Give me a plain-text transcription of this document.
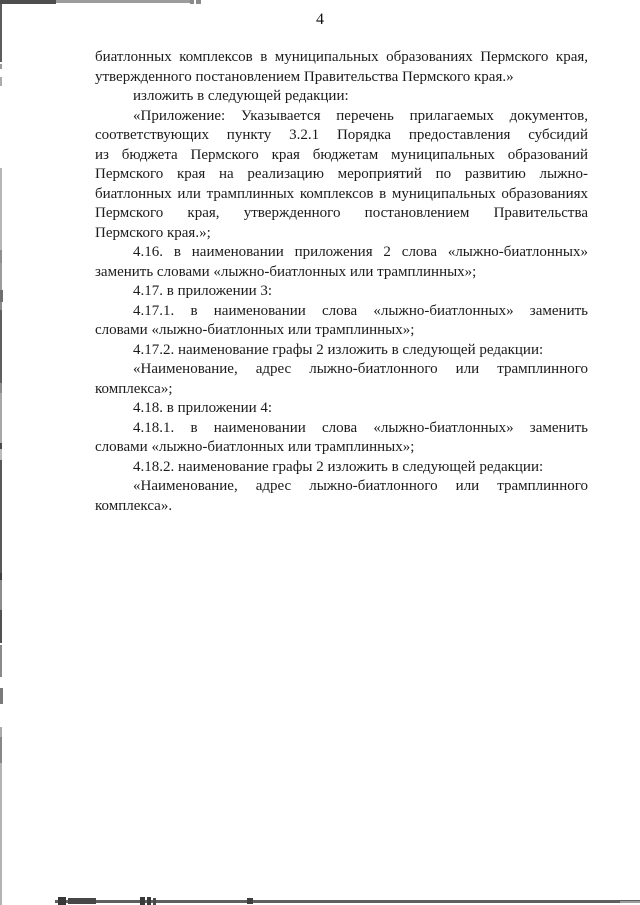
4
биатлонных комплексов в муниципальных образованиях Пермского края,
утвержденного постановлением Правительства Пермского края.»
изложить в следующей редакции:
«Приложение: Указывается перечень прилагаемых документов,
соответствующих пункту 3.2.1 Порядка предоставления субсидий
из бюджета Пермского края бюджетам муниципальных образований
Пермского края на реализацию мероприятий по развитию лыжно-
биатлонных или трамплинных комплексов в муниципальных образованиях
Пермского края, утвержденного постановлением Правительства
Пермского края.»;
4.16. в наименовании приложения 2 слова «лыжно-биатлонных»
заменить словами «лыжно-биатлонных или трамплинных»;
4.17. в приложении 3:
4.17.1. в наименовании слова «лыжно-биатлонных» заменить
словами «лыжно-биатлонных или трамплинных»;
4.17.2. наименование графы 2 изложить в следующей редакции:
«Наименование, адрес лыжно-биатлонного или трамплинного
комплекса»;
4.18. в приложении 4:
4.18.1. в наименовании слова «лыжно-биатлонных» заменить
словами «лыжно-биатлонных или трамплинных»;
4.18.2. наименование графы 2 изложить в следующей редакции:
«Наименование, адрес лыжно-биатлонного или трамплинного
комплекса».
